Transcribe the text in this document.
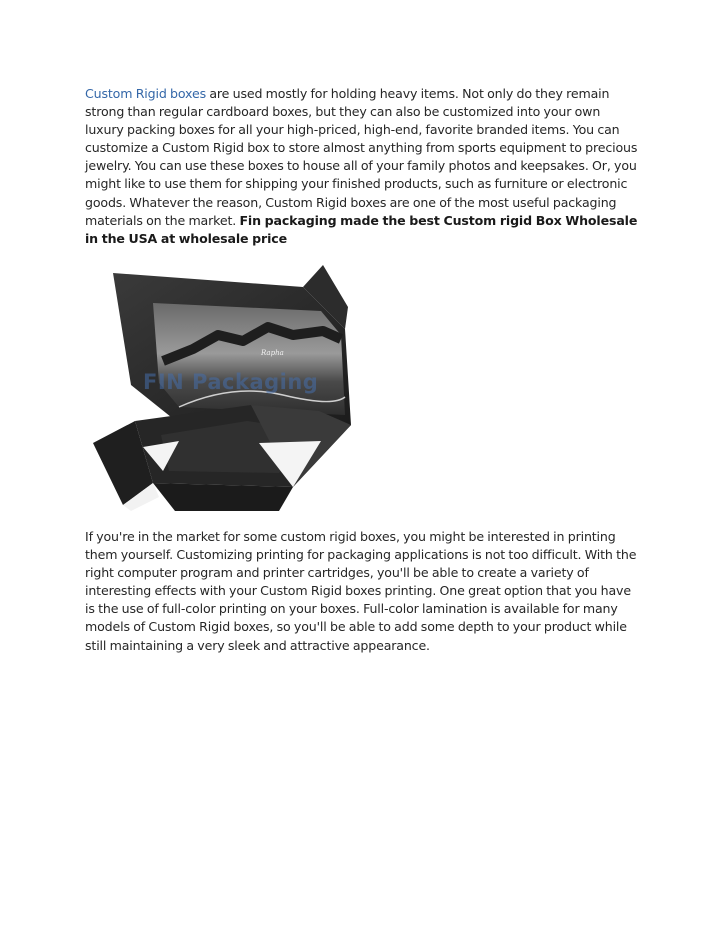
Custom Rigid boxes are used mostly for holding heavy items. Not only do they remain strong than regular cardboard boxes, but they can also be customized into your own luxury packing boxes for all your high-priced, high-end, favorite branded items. You can customize a Custom Rigid box to store almost anything from sports equipment to precious jewelry. You can use these boxes to house all of your family photos and keepsakes. Or, you might like to use them for shipping your finished products, such as furniture or electronic goods. Whatever the reason, Custom Rigid boxes are one of the most useful packaging materials on the market. Fin packaging made the best Custom rigid Box Wholesale in the USA at wholesale price

Rapha
FIN Packaging

If you're in the market for some custom rigid boxes, you might be interested in printing them yourself. Customizing printing for packaging applications is not too difficult. With the right computer program and printer cartridges, you'll be able to create a variety of interesting effects with your Custom Rigid boxes printing. One great option that you have is the use of full-color printing on your boxes. Full-color lamination is available for many models of Custom Rigid boxes, so you'll be able to add some depth to your product while still maintaining a very sleek and attractive appearance.
